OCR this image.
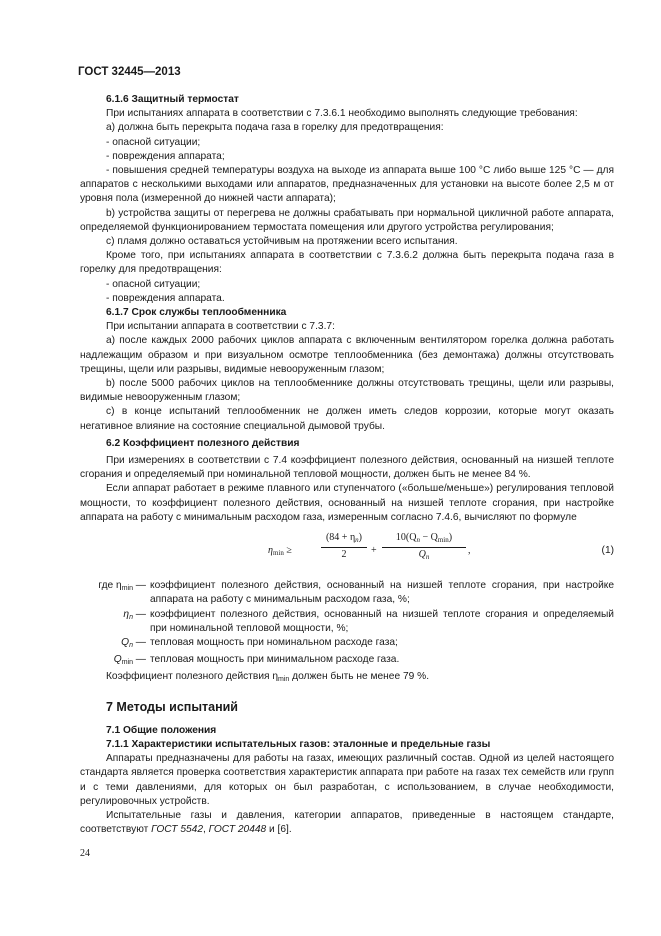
ГОСТ 32445—2013

6.1.6 Защитный термостат

При испытаниях аппарата в соответствии с 7.3.6.1 необходимо выполнять следующие требования:

а) должна быть перекрыта подача газа в горелку для предотвращения:

- опасной ситуации;

- повреждения аппарата;

- повышения средней температуры воздуха на выходе из аппарата выше 100 °С либо выше 125 °С — для аппаратов с несколькими выходами или аппаратов, предназначенных для установки на высоте более 2,5 м от уровня пола (измеренной до нижней части аппарата);

b) устройства защиты от перегрева не должны срабатывать при нормальной цикличной работе аппарата, определяемой функционированием термостата помещения или другого устройства регулирования;

c) пламя должно оставаться устойчивым на протяжении всего испытания.

Кроме того, при испытаниях аппарата в соответствии с 7.3.6.2 должна быть перекрыта подача газа в горелку для предотвращения:

- опасной ситуации;

- повреждения аппарата.

6.1.7 Срок службы теплообменника

При испытании аппарата в соответствии с 7.3.7:

а) после каждых 2000 рабочих циклов аппарата с включенным вентилятором горелка должна работать надлежащим образом и при визуальном осмотре теплообменника (без демонтажа) должны отсутствовать трещины, щели или разрывы, видимые невооруженным глазом;

b) после 5000 рабочих циклов на теплообменнике должны отсутствовать трещины, щели или разрывы, видимые невооруженным глазом;

c) в конце испытаний теплообменник не должен иметь следов коррозии, которые могут оказать негативное влияние на состояние специальной дымовой трубы.

6.2 Коэффициент полезного действия

При измерениях в соответствии с 7.4 коэффициент полезного действия, основанный на низшей теплоте сгорания и определяемый при номинальной тепловой мощности, должен быть не менее 84 %.

Если аппарат работает в режиме плавного или ступенчатого («больше/меньше») регулирования тепловой мощности, то коэффициент полезного действия, основанный на низшей теплоте сгорания, при настройке аппарата на работу с минимальным расходом газа, измеренным согласно 7.4.6, вычисляют по формуле

$\eta_{min}$ ≥	$\frac{(84 + \eta_n)}{2}$ +
$10(Q_n - Q_{min})$
$Q_n$
,	(1)
где $\eta_{min}$ — коэффициент полезного действия, основанный на низшей теплоте сгорания, при настройке аппарата на работу с минимальным расходом газа, %;
$\eta_n$ — коэффициент полезного действия, основанный на низшей теплоте сгорания и определяемый при номинальной тепловой мощности, %;
$Q_n$ — тепловая мощность при номинальном расходе газа;
$Q_{min}$ — тепловая мощность при минимальном расходе газа.

Коэффициент полезного действия $\eta_{min}$ должен быть не менее 79 %.

7 Методы испытаний

7.1 Общие положения

7.1.1 Характеристики испытательных газов: эталонные и предельные газы

Аппараты предназначены для работы на газах, имеющих различный состав. Одной из целей настоящего стандарта является проверка соответствия характеристик аппарата при работе на газах тех семейств или групп и с теми давлениями, для которых он был разработан, с использованием, в случае необходимости, регулировочных устройств.

Испытательные газы и давления, категории аппаратов, приведенные в настоящем стандарте, соответствуют ГОСТ 5542, ГОСТ 20448 и [6].

24
